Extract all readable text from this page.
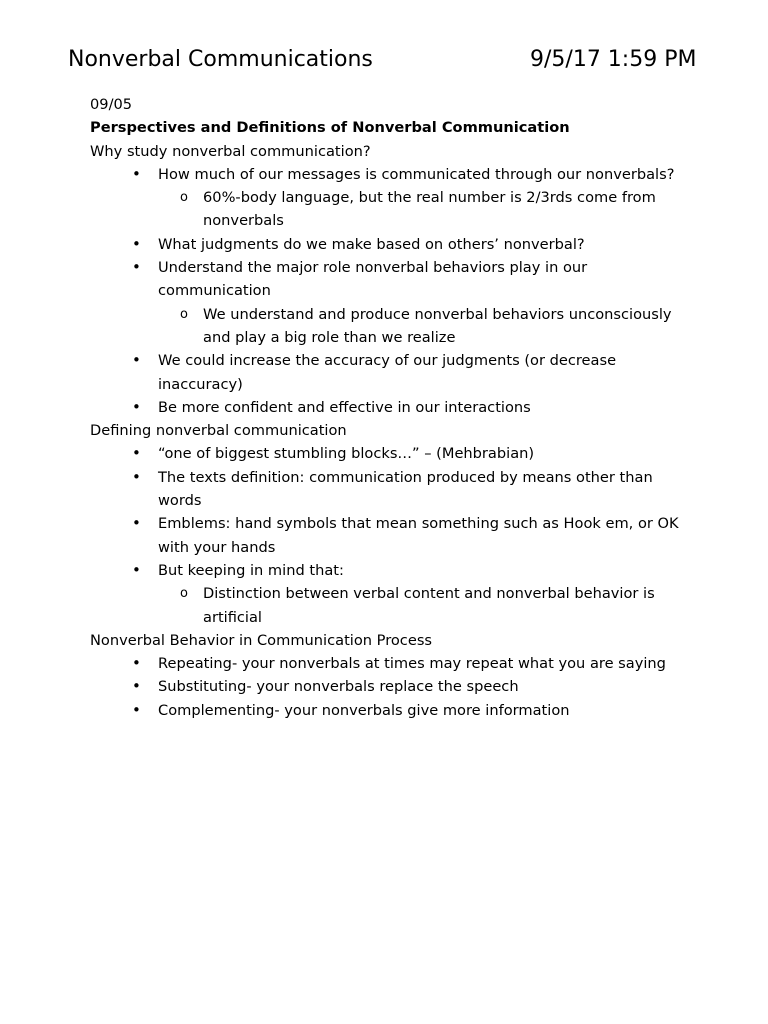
Nonverbal Communications	9/5/17 1:59 PM

09/05

Perspectives and Definitions of Nonverbal Communication

Why study nonverbal communication?

• How much of our messages is communicated through our nonverbals?
o 60%-body language, but the real number is 2/3rds come from nonverbals
• What judgments do we make based on others’ nonverbal?
• Understand the major role nonverbal behaviors play in our communication
o We understand and produce nonverbal behaviors unconsciously and play a big role than we realize
• We could increase the accuracy of our judgments (or decrease inaccuracy)
• Be more confident and effective in our interactions

Defining nonverbal communication

• “one of biggest stumbling blocks…” – (Mehbrabian)
• The texts definition: communication produced by means other than words
• Emblems: hand symbols that mean something such as Hook em, or OK with your hands
• But keeping in mind that:
o Distinction between verbal content and nonverbal behavior is artificial

Nonverbal Behavior in Communication Process

• Repeating- your nonverbals at times may repeat what you are saying
• Substituting- your nonverbals replace the speech
• Complementing- your nonverbals give more information
